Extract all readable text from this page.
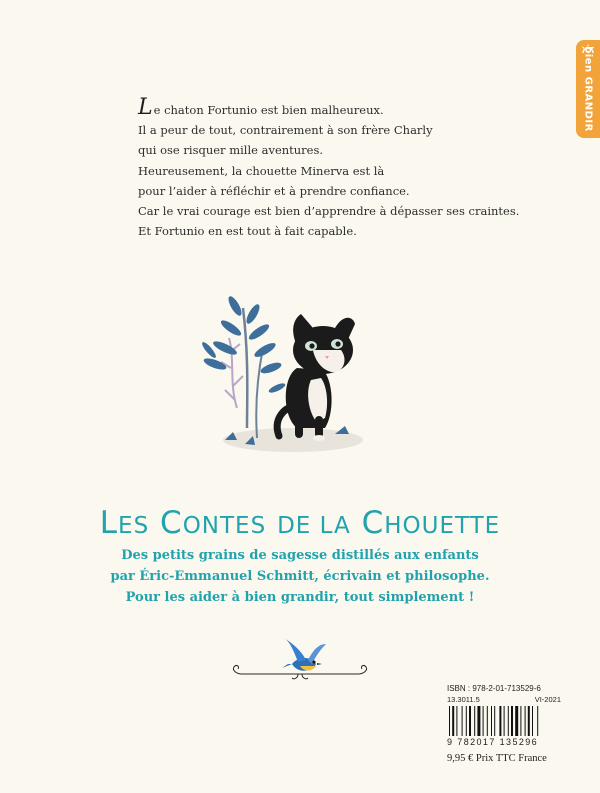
bien GRANDIR

Le chaton Fortunio est bien malheureux.

Il a peur de tout, contrairement à son frère Charly

qui ose risquer mille aventures.

Heureusement, la chouette Minerva est là

pour l’aider à réfléchir et à prendre confiance.

Car le vrai courage est bien d’apprendre à dépasser ses craintes.

Et Fortunio en est tout à fait capable.

LES CONTES DE LA CHOUETTE

Des petits grains de sagesse distillés aux enfants

par Éric-Emmanuel Schmitt, écrivain et philosophe.

Pour les aider à bien grandir, tout simplement !

ISBN : 978-2-01-713529-6
13.3011.5	VI-2021
9 782017 135296
9,95 € Prix TTC France
